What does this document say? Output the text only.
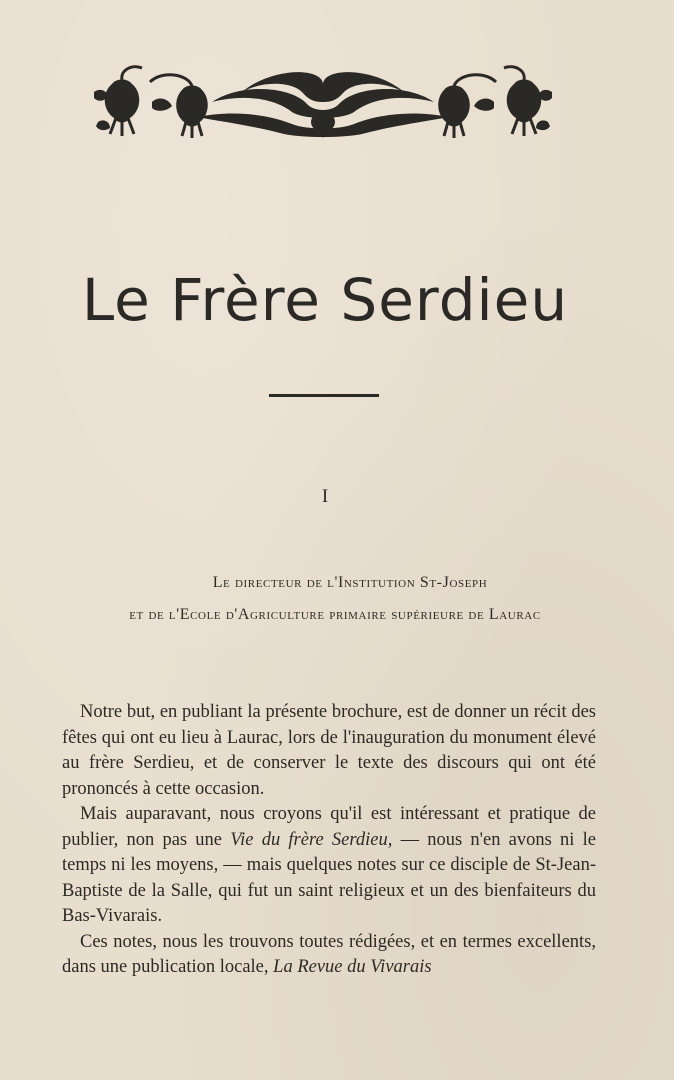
Le Frère Serdieu
I
Le directeur de l'Institution St-Joseph
et de l'Ecole d'Agriculture primaire supérieure de Laurac

Notre but, en publiant la présente brochure, est de donner un récit des fêtes qui ont eu lieu à Laurac, lors de l'inauguration du monument élevé au frère Serdieu, et de conserver le texte des discours qui ont été prononcés à cette occasion.

Mais auparavant, nous croyons qu'il est intéressant et pratique de publier, non pas une Vie du frère Serdieu, — nous n'en avons ni le temps ni les moyens, — mais quelques notes sur ce disciple de St-Jean-Baptiste de la Salle, qui fut un saint religieux et un des bienfaiteurs du Bas-Vivarais.

Ces notes, nous les trouvons toutes rédigées, et en termes excellents, dans une publication locale, La Revue du Vivarais
